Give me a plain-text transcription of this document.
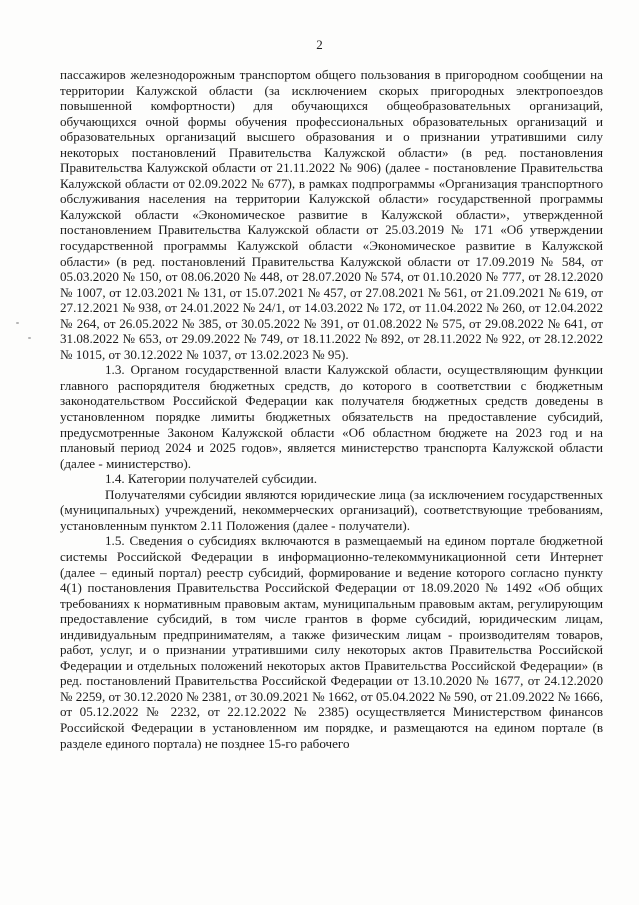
2

пассажиров железнодорожным транспортом общего пользования в пригородном сообщении на территории Калужской области (за исключением скорых пригородных электропоездов повышенной комфортности) для обучающихся общеобразовательных организаций, обучающихся очной формы обучения профессиональных образовательных организаций и образовательных организаций высшего образования и о признании утратившими силу некоторых постановлений Правительства Калужской области» (в ред. постановления Правительства Калужской области от 21.11.2022 № 906) (далее - постановление Правительства Калужской области от 02.09.2022 № 677), в рамках подпрограммы «Организация транспортного обслуживания населения на территории Калужской области» государственной программы Калужской области «Экономическое развитие в Калужской области», утвержденной постановлением Правительства Калужской области от 25.03.2019 № 171 «Об утверждении государственной программы Калужской области «Экономическое развитие в Калужской области» (в ред. постановлений Правительства Калужской области от 17.09.2019 № 584, от 05.03.2020 № 150, от 08.06.2020 № 448, от 28.07.2020 № 574, от 01.10.2020 № 777, от 28.12.2020 № 1007, от 12.03.2021 № 131, от 15.07.2021 № 457, от 27.08.2021 № 561, от 21.09.2021 № 619, от 27.12.2021 № 938, от 24.01.2022 № 24/1, от 14.03.2022 № 172, от 11.04.2022 № 260, от 12.04.2022 № 264, от 26.05.2022 № 385, от 30.05.2022 № 391, от 01.08.2022 № 575, от 29.08.2022 № 641, от 31.08.2022 № 653, от 29.09.2022 № 749, от 18.11.2022 № 892, от 28.11.2022 № 922, от 28.12.2022 № 1015, от 30.12.2022 № 1037, от 13.02.2023 № 95).

1.3. Органом государственной власти Калужской области, осуществляющим функции главного распорядителя бюджетных средств, до которого в соответствии с бюджетным законодательством Российской Федерации как получателя бюджетных средств доведены в установленном порядке лимиты бюджетных обязательств на предоставление субсидий, предусмотренные Законом Калужской области «Об областном бюджете на 2023 год и на плановый период 2024 и 2025 годов», является министерство транспорта Калужской области (далее - министерство).

1.4. Категории получателей субсидии.

Получателями субсидии являются юридические лица (за исключением государственных (муниципальных) учреждений, некоммерческих организаций), соответствующие требованиям, установленным пунктом 2.11 Положения (далее - получатели).

1.5. Сведения о субсидиях включаются в размещаемый на едином портале бюджетной системы Российской Федерации в информационно-телекоммуникационной сети Интернет (далее – единый портал) реестр субсидий, формирование и ведение которого согласно пункту 4(1) постановления Правительства Российской Федерации от 18.09.2020 № 1492 «Об общих требованиях к нормативным правовым актам, муниципальным правовым актам, регулирующим предоставление субсидий, в том числе грантов в форме субсидий, юридическим лицам, индивидуальным предпринимателям, а также физическим лицам - производителям товаров, работ, услуг, и о признании утратившими силу некоторых актов Правительства Российской Федерации и отдельных положений некоторых актов Правительства Российской Федерации» (в ред. постановлений Правительства Российской Федерации от 13.10.2020 № 1677, от 24.12.2020 № 2259, от 30.12.2020 № 2381, от 30.09.2021 № 1662, от 05.04.2022 № 590, от 21.09.2022 № 1666, от 05.12.2022 № 2232, от 22.12.2022 № 2385) осуществляется Министерством финансов Российской Федерации в установленном им порядке, и размещаются на едином портале (в разделе единого портала) не позднее 15-го рабочего
